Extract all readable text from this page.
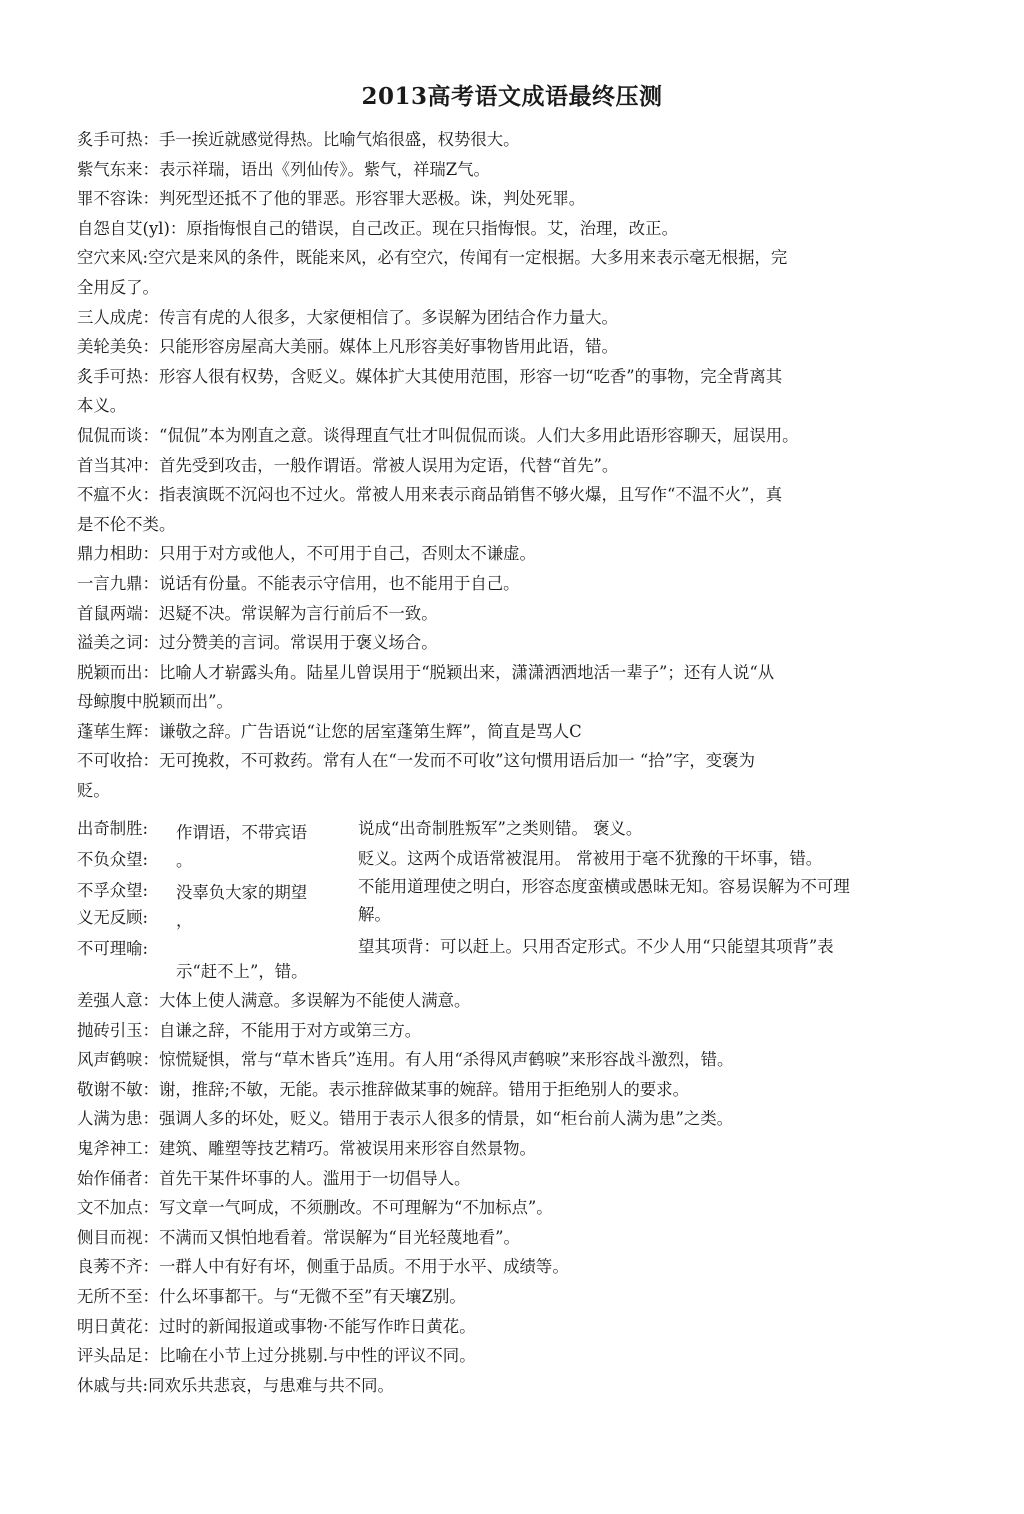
2013高考语文成语最终压测
炙手可热：手一挨近就感觉得热。比喻气焰很盛，权势很大。
紫气东来：表示祥瑞，语出《列仙传》。紫气，祥瑞Z气。
罪不容诛：判死型还抵不了他的罪恶。形容罪大恶极。诛，判处死罪。
自怨自艾(yl)：原指悔恨自己的错误，自己改正。现在只指悔恨。艾，治理，改正。
空穴来风:空穴是来风的条件，既能来风，必有空穴，传闻有一定根据。大多用来表示毫无根据，完
全用反了。
三人成虎：传言有虎的人很多，大家便相信了。多误解为团结合作力量大。
美轮美奂：只能形容房屋高大美丽。媒体上凡形容美好事物皆用此语，错。
炙手可热：形容人很有权势，含贬义。媒体扩大其使用范围，形容一切“吃香”的事物，完全背离其
本义。
侃侃而谈：“侃侃”本为刚直之意。谈得理直气壮才叫侃侃而谈。人们大多用此语形容聊天，屈误用。
首当其冲：首先受到攻击，一般作谓语。常被人误用为定语，代替“首先”。
不瘟不火：指表演既不沉闷也不过火。常被人用来表示商品销售不够火爆，且写作“不温不火”，真
是不伦不类。
鼎力相助：只用于对方或他人，不可用于自己，否则太不谦虚。
一言九鼎：说话有份量。不能表示守信用，也不能用于自己。
首鼠两端：迟疑不决。常误解为言行前后不一致。
溢美之词：过分赞美的言词。常误用于褒义场合。
脱颖而出：比喻人才崭露头角。陆星儿曾误用于“脱颖出来，潇潇洒洒地活一辈子”；还有人说“从
母鲸腹中脱颖而出”。
蓬荜生辉：谦敬之辞。广告语说“让您的居室蓬第生辉”，简直是骂人C
不可收拾：无可挽救，不可救药。常有人在“一发而不可收”这句惯用语后加一 “拾”字，变褒为
贬。
出奇制胜:
不负众望:
不孚众望:
义无反顾:
不可理喻:
作谓语，不带宾语
。
没辜负大家的期望
，
说成“出奇制胜叛军”之类则错。 褒义。
贬义。这两个成语常被混用。 常被用于毫不犹豫的干坏事，错。
不能用道理使之明白，形容态度蛮横或愚昧无知。容易误解为不可理
解。
望其项背：可以赶上。只用否定形式。不少人用“只能望其项背”表
示“赶不上”，错。
差强人意：大体上使人满意。多误解为不能使人满意。
抛砖引玉：自谦之辞，不能用于对方或第三方。
风声鹤唳：惊慌疑惧，常与“草木皆兵”连用。有人用“杀得风声鹤唳”来形容战斗激烈，错。
敬谢不敏：谢，推辞;不敏，无能。表示推辞做某事的婉辞。错用于拒绝别人的要求。
人满为患：强调人多的坏处，贬义。错用于表示人很多的情景，如“柜台前人满为患”之类。
鬼斧神工：建筑、雕塑等技艺精巧。常被误用来形容自然景物。
始作俑者：首先干某件坏事的人。滥用于一切倡导人。
文不加点：写文章一气呵成，不须删改。不可理解为“不加标点”。
侧目而视：不满而又惧怕地看着。常误解为“目光轻蔑地看”。
良莠不齐：一群人中有好有坏，侧重于品质。不用于水平、成绩等。
无所不至：什么坏事都干。与“无微不至”有天壤Z别。
明日黄花：过时的新闻报道或事物·不能写作昨日黄花。
评头品足：比喻在小节上过分挑剔.与中性的评议不同。
休戚与共:同欢乐共悲哀，与患难与共不同。
